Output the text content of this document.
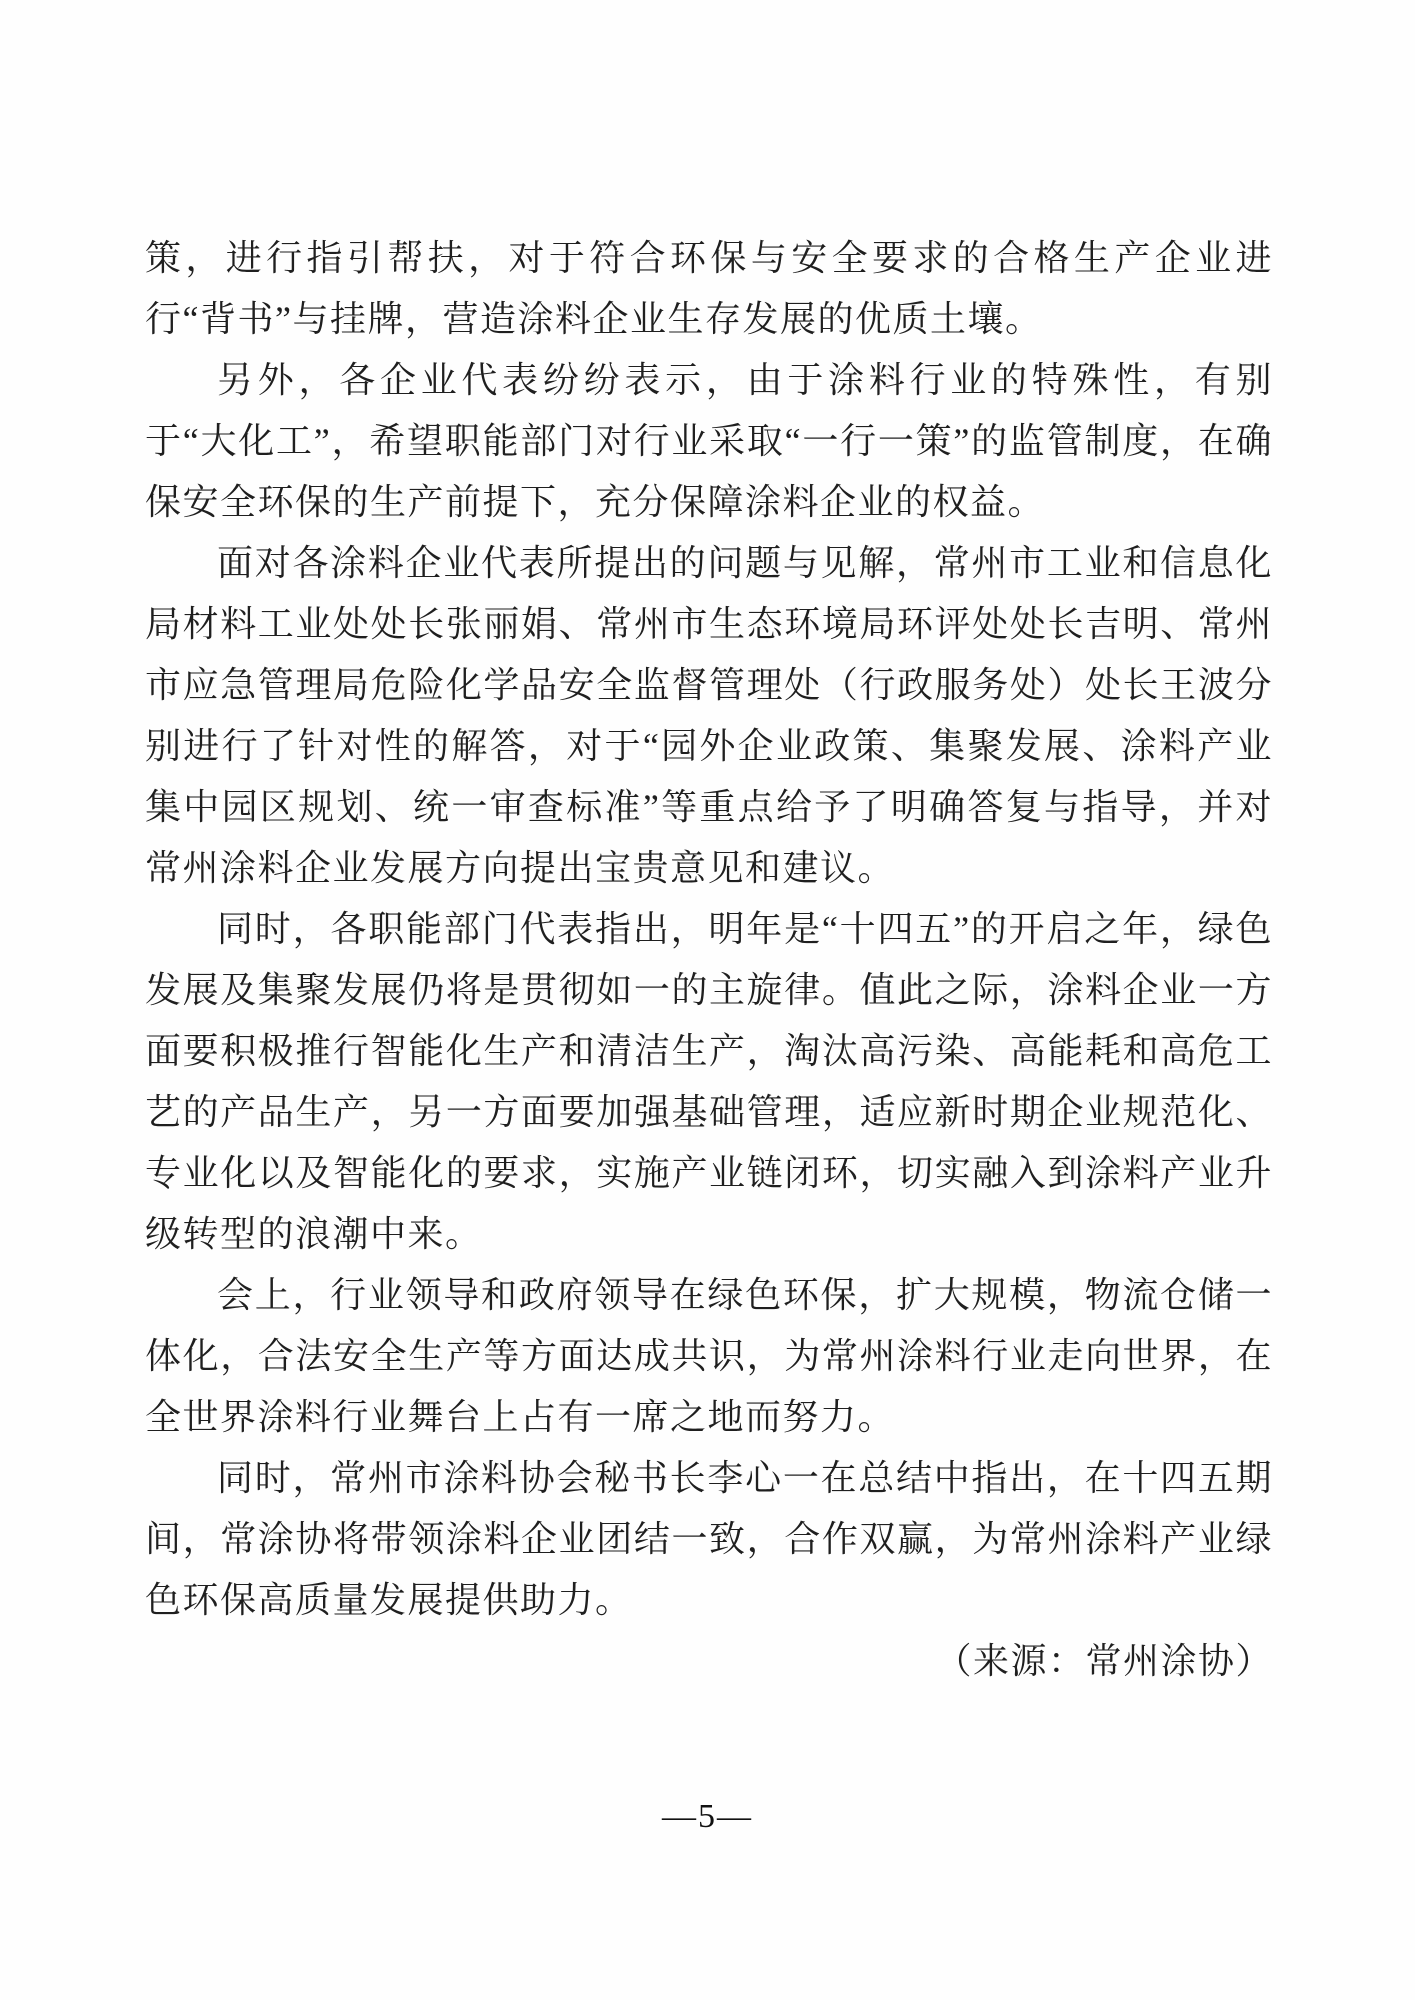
策，进行指引帮扶，对于符合环保与安全要求的合格生产企业进行“背书”与挂牌，营造涂料企业生存发展的优质土壤。

另外，各企业代表纷纷表示，由于涂料行业的特殊性，有别于“大化工”，希望职能部门对行业采取“一行一策”的监管制度，在确保安全环保的生产前提下，充分保障涂料企业的权益。

面对各涂料企业代表所提出的问题与见解，常州市工业和信息化局材料工业处处长张丽娟、常州市生态环境局环评处处长吉明、常州市应急管理局危险化学品安全监督管理处（行政服务处）处长王波分别进行了针对性的解答，对于“园外企业政策、集聚发展、涂料产业集中园区规划、统一审查标准”等重点给予了明确答复与指导，并对常州涂料企业发展方向提出宝贵意见和建议。

同时，各职能部门代表指出，明年是“十四五”的开启之年，绿色发展及集聚发展仍将是贯彻如一的主旋律。值此之际，涂料企业一方面要积极推行智能化生产和清洁生产，淘汰高污染、高能耗和高危工艺的产品生产，另一方面要加强基础管理，适应新时期企业规范化、专业化以及智能化的要求，实施产业链闭环，切实融入到涂料产业升级转型的浪潮中来。

会上，行业领导和政府领导在绿色环保，扩大规模，物流仓储一体化，合法安全生产等方面达成共识，为常州涂料行业走向世界，在全世界涂料行业舞台上占有一席之地而努力。

同时，常州市涂料协会秘书长李心一在总结中指出，在十四五期间，常涂协将带领涂料企业团结一致，合作双赢，为常州涂料产业绿色环保高质量发展提供助力。

（来源：常州涂协）

—5—
